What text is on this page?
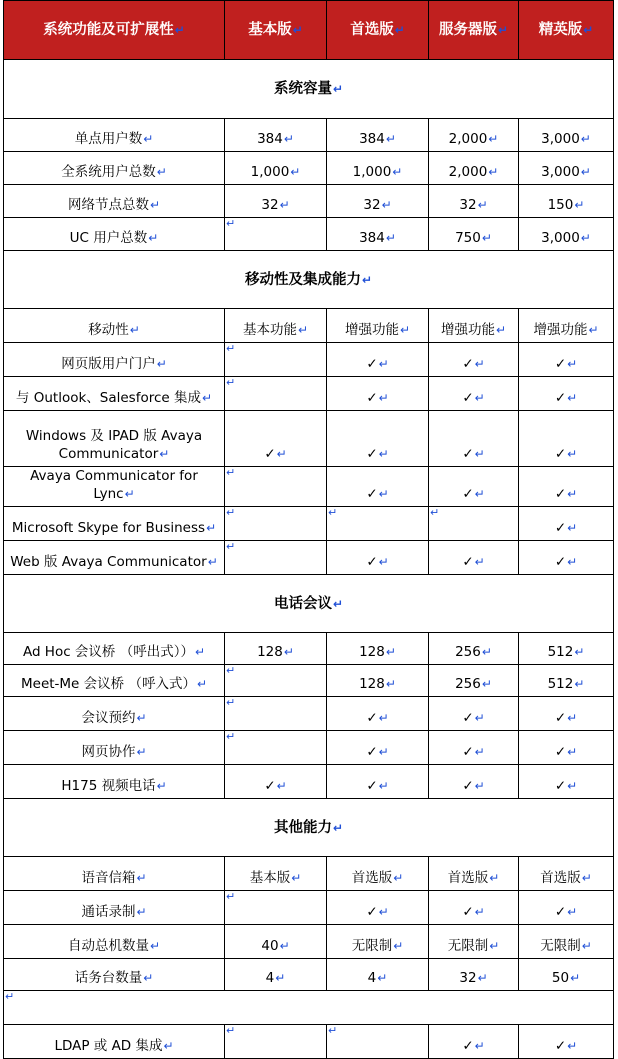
系统功能及可扩展性↵	基本版↵	首选版↵	服务器版↵	精英版↵
系统容量↵				
单点用户数↵	384↵	384↵	2,000↵	3,000↵
全系统用户总数↵	1,000↵	1,000↵	2,000↵	3,000↵
网络节点总数↵	32↵	32↵	32↵	150↵
UC 用户总数↵	↵	384↵	750↵	3,000↵
移动性及集成能力↵				
移动性↵	基本功能↵	增强功能↵	增强功能↵	增强功能↵
网页版用户门户↵	↵	✓↵	✓↵	✓↵
与 Outlook、Salesforce 集成↵	↵	✓↵	✓↵	✓↵
Windows 及 IPAD 版 Avaya Communicator↵	✓↵	✓↵	✓↵	✓↵
Avaya Communicator for Lync↵	↵	✓↵	✓↵	✓↵
Microsoft Skype for Business↵	↵	↵	↵	✓↵
Web 版 Avaya Communicator↵	↵	✓↵	✓↵	✓↵
电话会议↵				
Ad Hoc 会议桥 （呼出式））↵	128↵	128↵	256↵	512↵
Meet-Me 会议桥 （呼入式）↵	↵	128↵	256↵	512↵
会议预约↵	↵	✓↵	✓↵	✓↵
网页协作↵	↵	✓↵	✓↵	✓↵
H175 视频电话↵	✓↵	✓↵	✓↵	✓↵
其他能力↵				
语音信箱↵	基本版↵	首选版↵	首选版↵	首选版↵
通话录制↵	↵	✓↵	✓↵	✓↵
自动总机数量↵	40↵	无限制↵	无限制↵	无限制↵
话务台数量↵	4↵	4↵	32↵	50↵

↵				

LDAP 或 AD 集成↵	↵	↵	✓↵	✓↵
